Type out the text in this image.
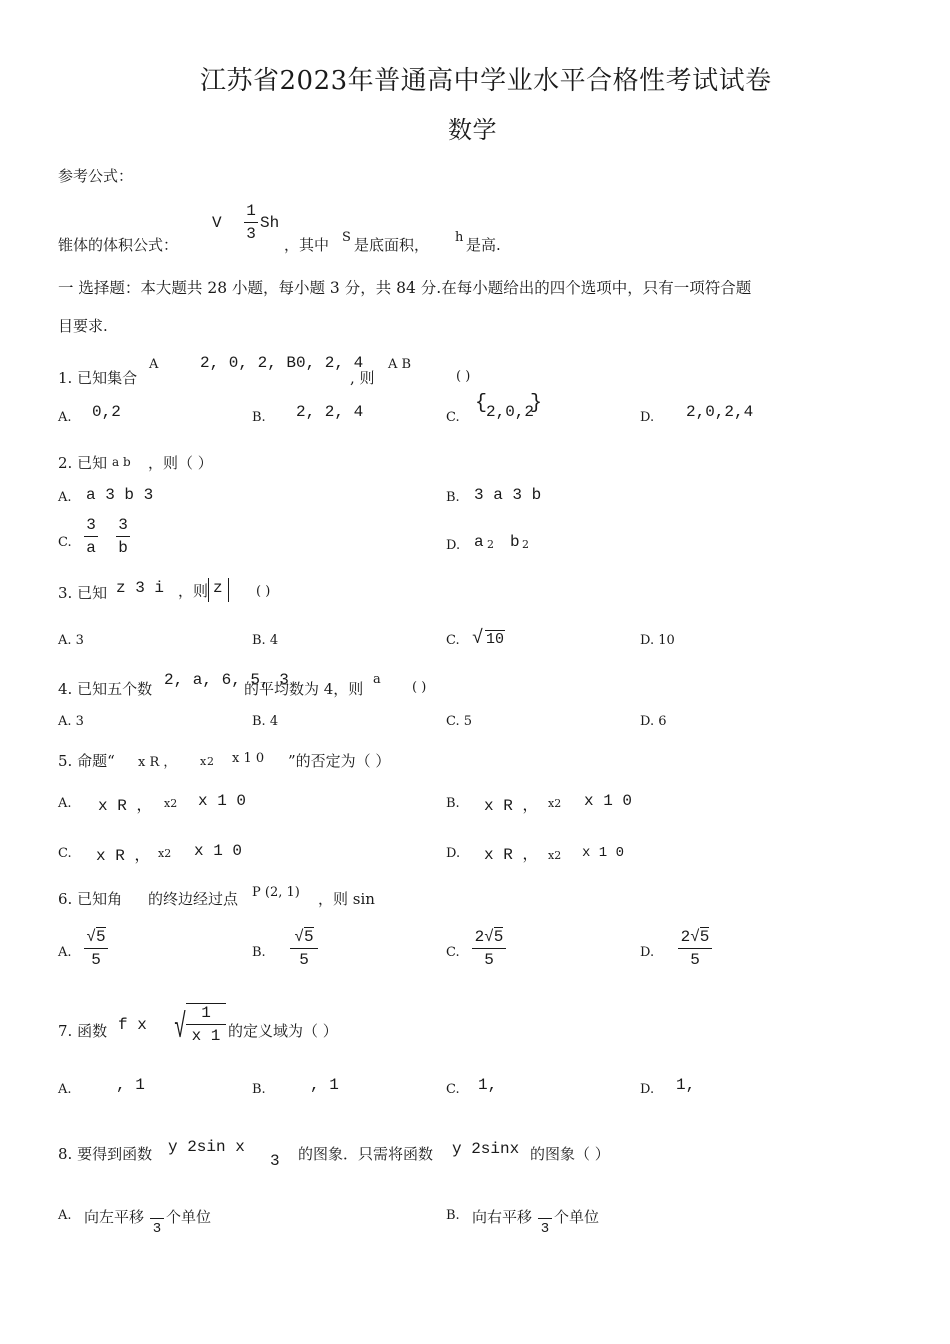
江苏省2023年普通高中学业水平合格性考试试卷
数学
参考公式：
锥体的体积公式：
V
1
3
Sh
，其中 S 是底面积， h 是高.
一 选择题：本大题共 28 小题，每小题 3 分，共 84 分.在每小题给出的四个选项中，只有一项符合题
目要求.
1. 已知集合
A	2, 0, 2, B 0, 2, 4
, 则
A B
( )
A. 0,2	B. 2, 2, 4	C.
{
2,0,2
}
D. 2,0,2,4
2. 已知 a b ，则（ ）
A. a 3 b 3	B. 3 a 3 b
C.
3
a
3
b	D. a 2 b 2
3. 已知 z 3 i ，则 z	( )
A. 3	B. 4	C. √ 10	D. 10
4. 已知五个数 2, a, 6, 5, 3
的平均数为 4，则
a
( )
A. 3	B. 4	C. 5	D. 6
5. 命题“ x R ， x 2 x 1 0 ”的否定为（ ）
A. x R ， x2 x 1 0	B. x R ， x2 x 1 0
C. x R ， x2 x 1 0	D. x R ， x2 x 1 0
6. 已知角 的终边经过点 P (2, 1) ，则 sin
A.
√5
5	B.
√5
5	C.
2√5
5	D.
2√5
5
7. 函数 f x √ 1
x 1 的定义域为（ ）
A.	, 1	B.	, 1	C. 1,	D. 1,
8. 要得到函数 y 2sin x
3 的图象．只需将函数 y 2sinx 的图象（ ）
A. 向左平移
3
个单位	B. 向右平移
3
个单位
